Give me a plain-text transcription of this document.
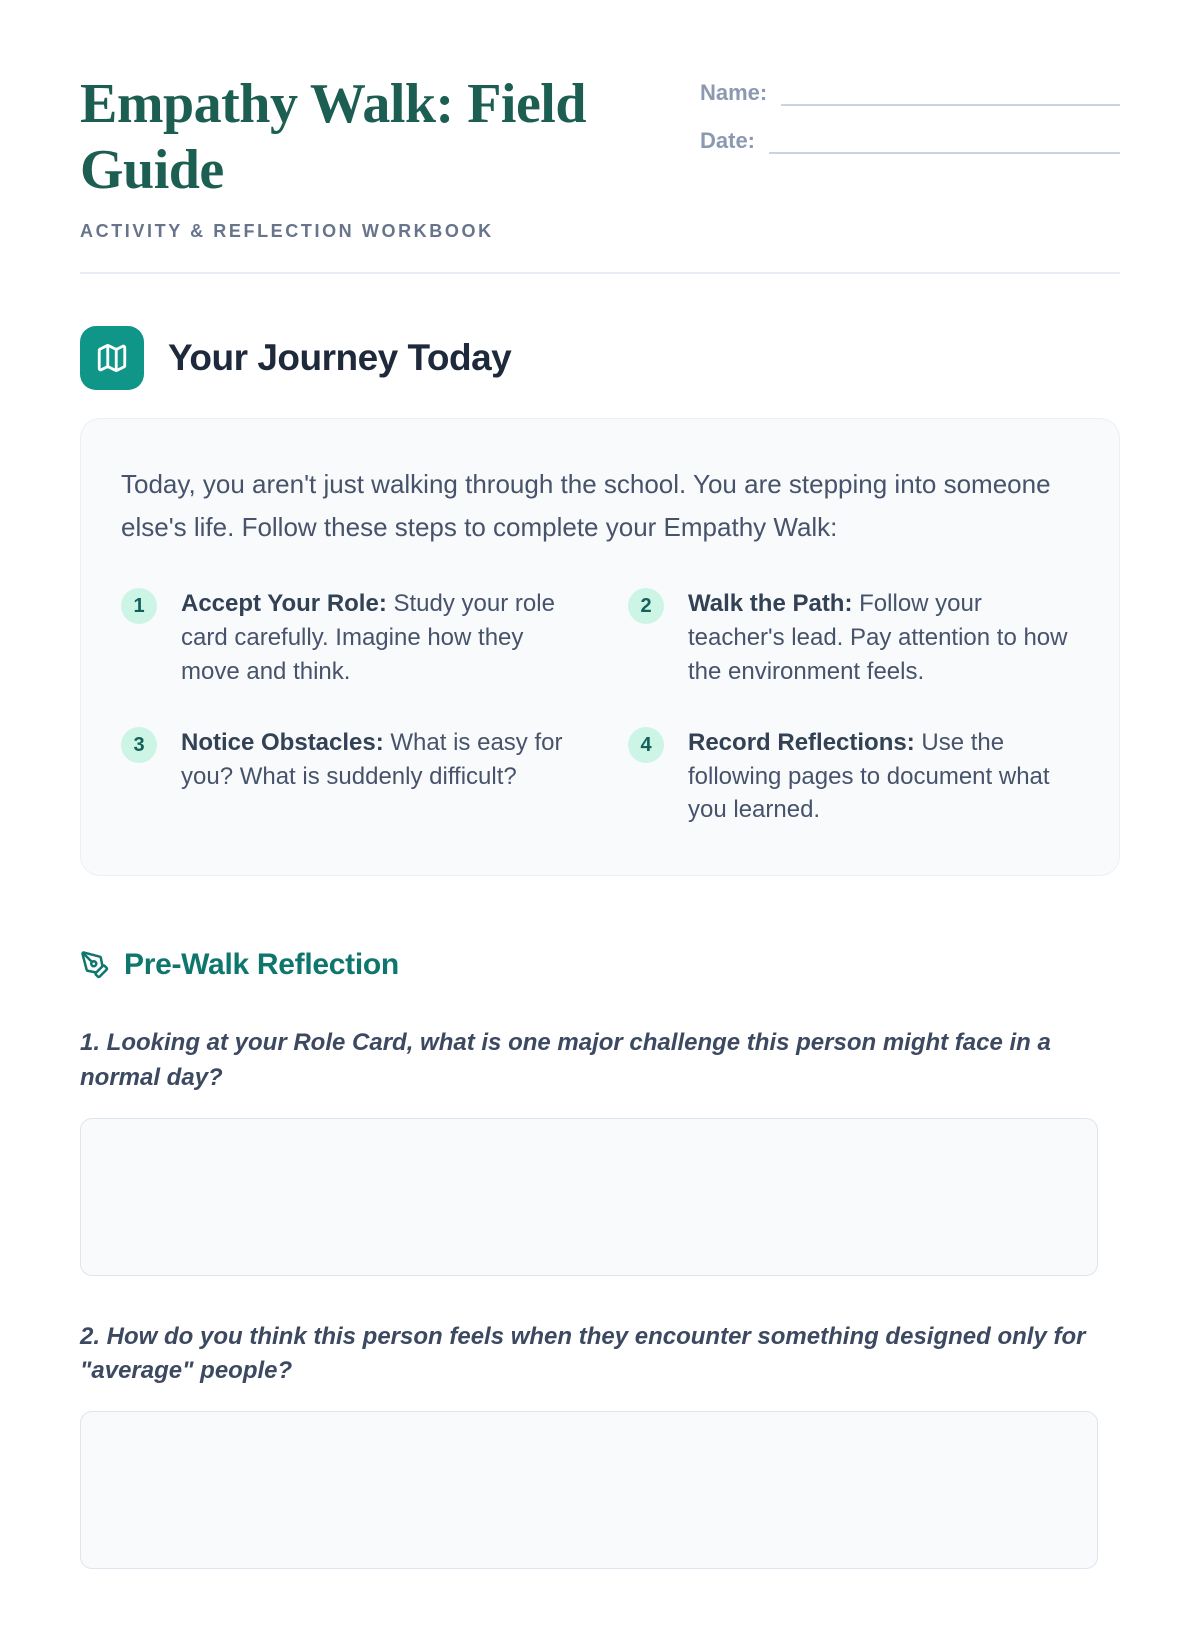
Empathy Walk: Field Guide
ACTIVITY & REFLECTION WORKBOOK
Name:
Date:
Your Journey Today

Today, you aren't just walking through the school. You are stepping into someone else's life. Follow these steps to complete your Empathy Walk:

1	Accept Your Role: Study your role card carefully. Imagine how they move and think.

2	Walk the Path: Follow your teacher's lead. Pay attention to how the environment feels.

3	Notice Obstacles: What is easy for you? What is suddenly difficult?

4	Record Reflections: Use the following pages to document what you learned.

Pre-Walk Reflection

1. Looking at your Role Card, what is one major challenge this person might face in a normal day?

2. How do you think this person feels when they encounter something designed only for "average" people?
